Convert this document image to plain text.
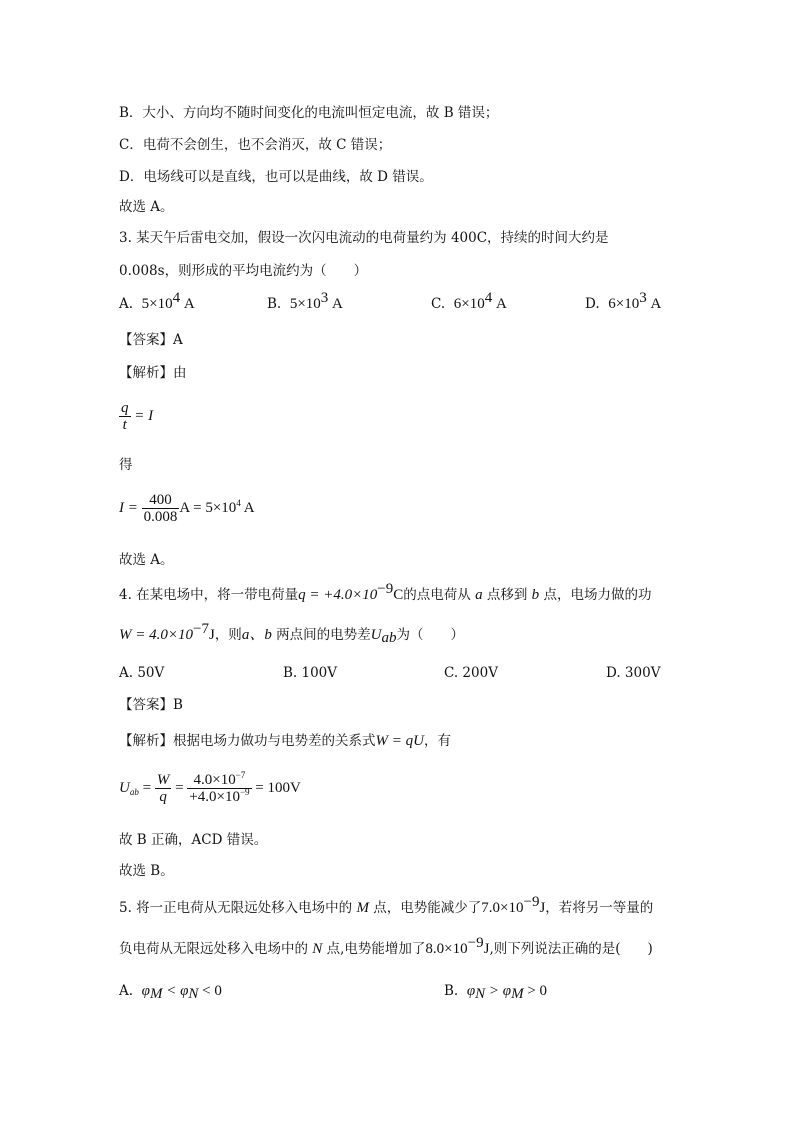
B．大小、方向均不随时间变化的电流叫恒定电流，故 B 错误；
C．电荷不会创生，也不会消灭，故 C 错误；
D．电场线可以是直线，也可以是曲线，故 D 错误。
故选 A。
3. 某天午后雷电交加，假设一次闪电流动的电荷量约为 400C，持续的时间大约是
0.008s，则形成的平均电流约为（　　）
A. $5\times 10^4$ A	B. $5\times 10^3$ A	C. $6\times 10^4$ A	D. $6\times 10^3$ A
【答案】A
【解析】由
$\frac{q}{t} = I$
得
$I = \frac{400}{0.008}$ $A = 5\times 10^4$ A
故选 A。
4. 在某电场中，将一带电荷量$q = +4.0\times 10^{-9}C$的点电荷从 a 点移到 b 点，电场力做的功
$W = 4.0\times 10^{-7}J$，则a、b 两点间的电势差$U_{ab}$为（　　）
A. 50V	B. 100V	C. 200V	D. 300V
【答案】B
【解析】根据电场力做功与电势差的关系式W = qU，有
$U_{ab} = \frac{W}{q} = \frac{4.0\times 10^{-7}}{+4.0\times 10^{-9}} = 100V$
故 B 正确，ACD 错误。
故选 B。
5. 将一正电荷从无限远处移入电场中的 M 点，电势能减少了$7.0\times 10^{-9}J$，若将另一等量的
负电荷从无限远处移入电场中的 N 点,电势能增加了$8.0\times 10^{-9}J$,则下列说法正确的是(　　)
A. $\varphi_M < \varphi_N < 0$	B. $\varphi_N > \varphi_M > 0$
